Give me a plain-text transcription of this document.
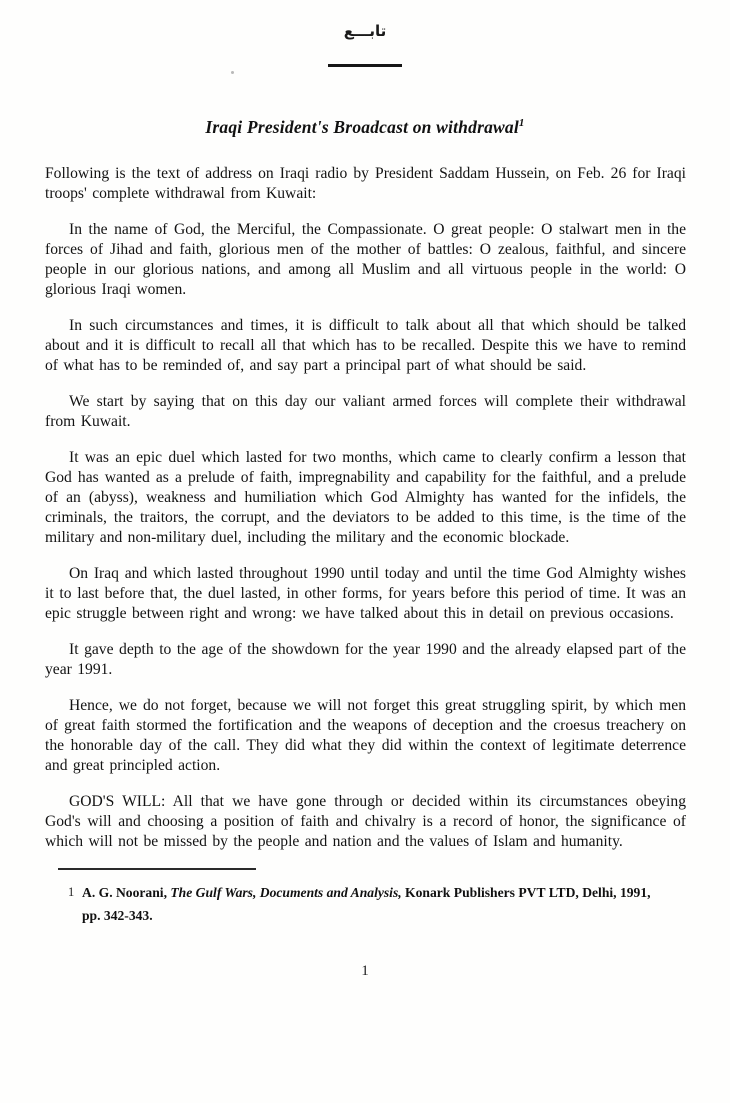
تابـــع
Iraqi President's Broadcast on withdrawal$^1$

Following is the text of address on Iraqi radio by President Saddam Hussein, on Feb. 26 for Iraqi troops' complete withdrawal from Kuwait:

In the name of God, the Merciful, the Compassionate. O great people: O stalwart men in the forces of Jihad and faith, glorious men of the mother of battles: O zealous, faithful, and sincere people in our glorious nations, and among all Muslim and all virtuous people in the world: O glorious Iraqi women.

In such circumstances and times, it is difficult to talk about all that which should be talked about and it is difficult to recall all that which has to be recalled. Despite this we have to remind of what has to be reminded of, and say part a principal part of what should be said.

We start by saying that on this day our valiant armed forces will complete their withdrawal from Kuwait.

It was an epic duel which lasted for two months, which came to clearly confirm a lesson that God has wanted as a prelude of faith, impregnability and capability for the faithful, and a prelude of an (abyss), weakness and humiliation which God Almighty has wanted for the infidels, the criminals, the traitors, the corrupt, and the deviators to be added to this time, is the time of the military and non-military duel, including the military and the economic blockade.

On Iraq and which lasted throughout 1990 until today and until the time God Almighty wishes it to last before that, the duel lasted, in other forms, for years before this period of time. It was an epic struggle between right and wrong: we have talked about this in detail on previous occasions.

It gave depth to the age of the showdown for the year 1990 and the already elapsed part of the year 1991.

Hence, we do not forget, because we will not forget this great struggling spirit, by which men of great faith stormed the fortification and the weapons of deception and the croesus treachery on the honorable day of the call. They did what they did within the context of legitimate deterrence and great principled action.

GOD'S WILL: All that we have gone through or decided within its circumstances obeying God's will and choosing a position of faith and chivalry is a record of honor, the significance of which will not be missed by the people and nation and the values of Islam and humanity.

1 A. G. Noorani, The Gulf Wars, Documents and Analysis, Konark Publishers PVT LTD, Delhi, 1991, pp. 342-343.
1
